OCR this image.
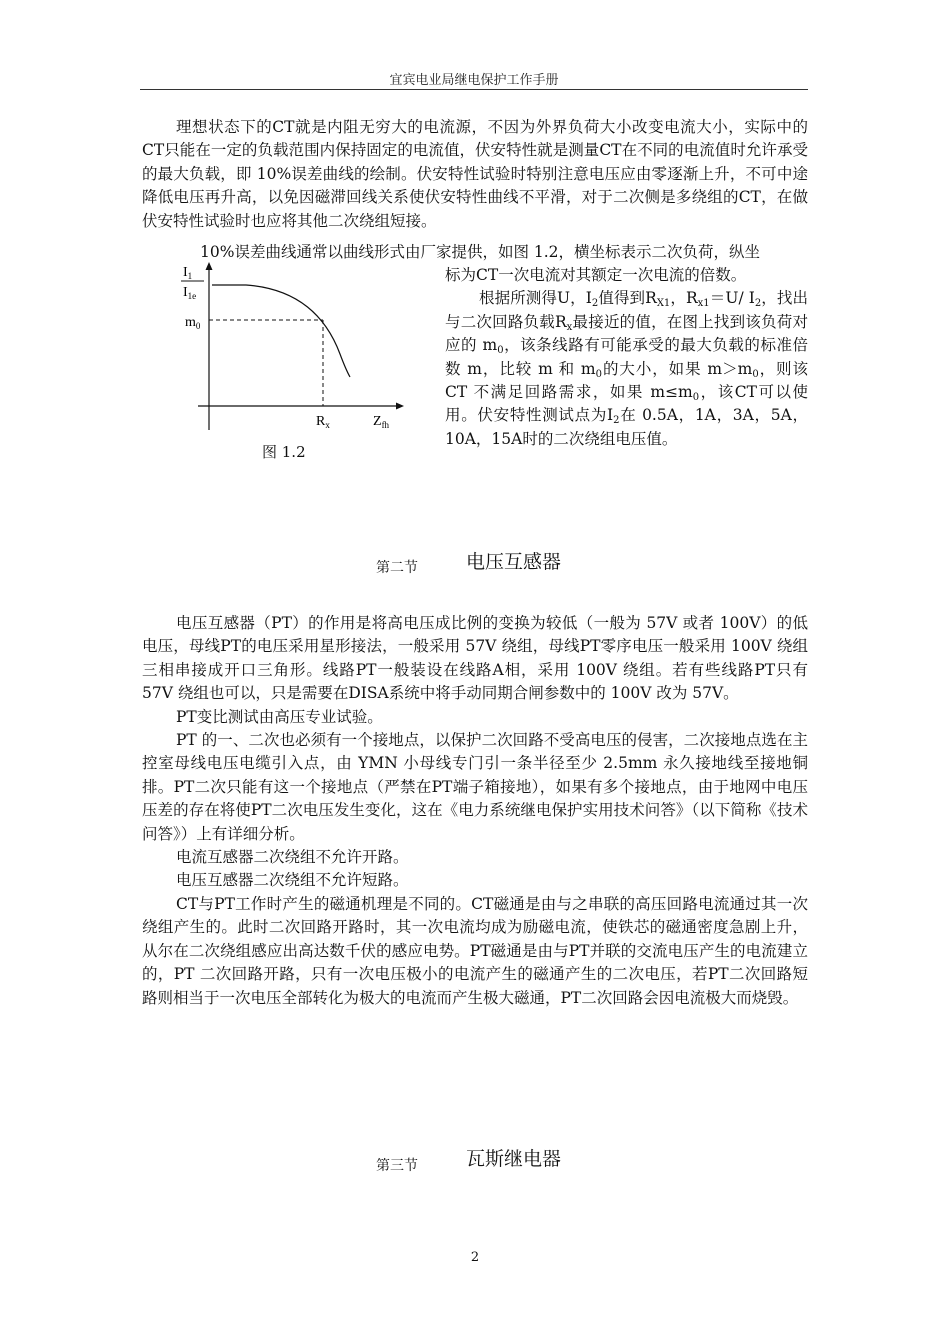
宜宾电业局继电保护工作手册
理想状态下的CT就是内阻无穷大的电流源，不因为外界负荷大小改变电流大小，实际中的CT只能在一定的负载范围内保持固定的电流值，伏安特性就是测量CT在不同的电流值时允许承受的最大负载，即 10%误差曲线的绘制。伏安特性试验时特别注意电压应由零逐渐上升，不可中途降低电压再升高，以免因磁滞回线关系使伏安特性曲线不平滑，对于二次侧是多绕组的CT，在做伏安特性试验时也应将其他二次绕组短接。
10%误差曲线通常以曲线形式由厂家提供，如图 1.2，横坐标表示二次负荷，纵坐

标为CT一次电流对其额定一次电流的倍数。

根据所测得U，$I_2$值得到$R_{X1}$，$R_{x1}=U/$ $I_2$，找出与二次回路负载$R_x$最接近的值，在图上找到该负荷对应的 $m_0$，该条线路有可能承受的最大负载的标准倍数 m，比较 m 和 $m_0$的大小，如果 $m>m_0$，则该 CT 不满足回路需求，如果 $m\le m_0$，该CT可以使用。伏安特性测试点为$I_2$在 0.5A，1A，3A，5A，10A，15A时的二次绕组电压值。

$I_1$
$I_{1e}$
$m_0$
$R_x$	$Z_{fh}$
图 1.2
第二节	电压互感器

电压互感器（PT）的作用是将高电压成比例的变换为较低（一般为 57V 或者 100V）的低电压，母线PT的电压采用星形接法，一般采用 57V 绕组，母线PT零序电压一般采用 100V 绕组三相串接成开口三角形。线路PT一般装设在线路A相，采用 100V 绕组。若有些线路PT只有 57V 绕组也可以，只是需要在DISA系统中将手动同期合闸参数中的 100V 改为 57V。

PT变比测试由高压专业试验。

PT 的一、二次也必须有一个接地点，以保护二次回路不受高电压的侵害，二次接地点选在主控室母线电压电缆引入点，由 YMN 小母线专门引一条半径至少 2.5mm 永久接地线至接地铜排。PT二次只能有这一个接地点（严禁在PT端子箱接地），如果有多个接地点，由于地网中电压压差的存在将使PT二次电压发生变化，这在《电力系统继电保护实用技术问答》（以下简称《技术问答》）上有详细分析。

电流互感器二次绕组不允许开路。

电压互感器二次绕组不允许短路。

CT与PT工作时产生的磁通机理是不同的。CT磁通是由与之串联的高压回路电流通过其一次绕组产生的。此时二次回路开路时，其一次电流均成为励磁电流，使铁芯的磁通密度急剧上升， 从尔在二次绕组感应出高达数千伏的感应电势。PT磁通是由与PT并联的交流电压产生的电流建立的，PT 二次回路开路，只有一次电压极小的电流产生的磁通产生的二次电压，若PT二次回路短路则相当于一次电压全部转化为极大的电流而产生极大磁通，PT二次回路会因电流极大而烧毁。

第三节	瓦斯继电器
2
